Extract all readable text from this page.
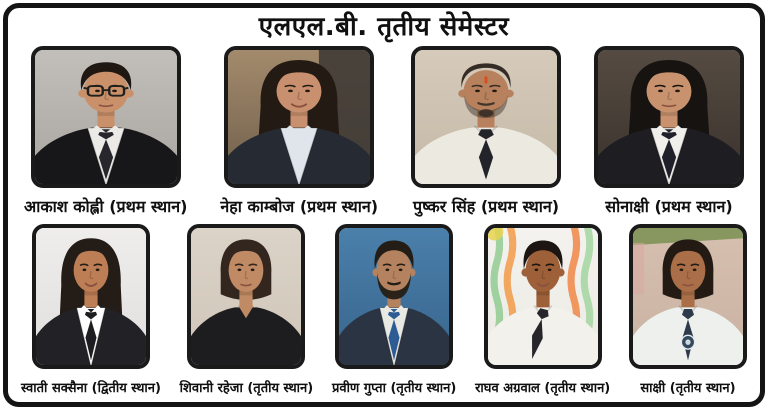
एलएल.बी. तृतीय सेमेस्टर
आकाश कोह्ली (प्रथम स्थान) नेहा काम्बोज (प्रथम स्थान) पुष्कर सिंह (प्रथम स्थान)	सोनाक्षी (प्रथम स्थान)
स्वाती सक्सैना (द्वितीय स्थान) शिवानी रहेजा (तृतीय स्थान) प्रवीण गुप्ता (तृतीय स्थान) राघव अग्रवाल (तृतीय स्थान) साक्षी (तृतीय स्थान)
